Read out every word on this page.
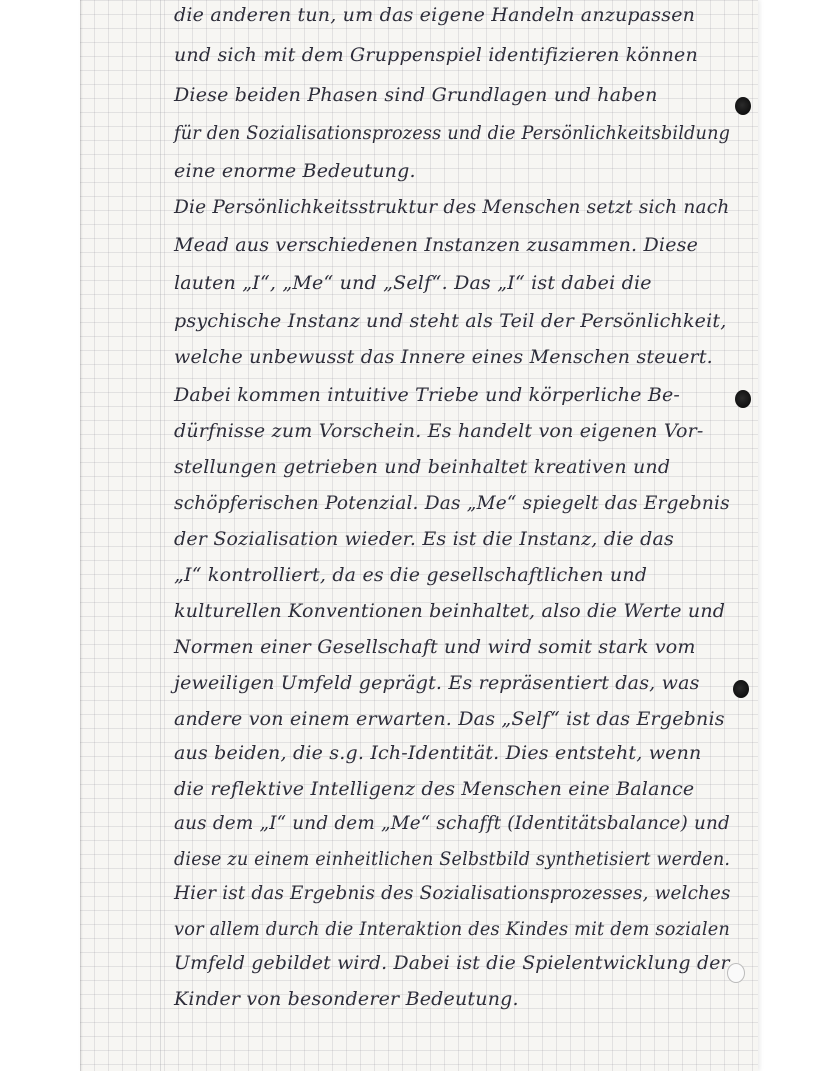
die anderen tun, um das eigene Handeln anzupassen
und sich mit dem Gruppenspiel identifizieren können
Diese beiden Phasen sind Grundlagen und haben
für den Sozialisationsprozess und die Persönlichkeitsbildung
eine enorme Bedeutung.
Die Persönlichkeitsstruktur des Menschen setzt sich nach
Mead aus verschiedenen Instanzen zusammen. Diese
lauten „I“, „Me“ und „Self“. Das „I“ ist dabei die
psychische Instanz und steht als Teil der Persönlichkeit,
welche unbewusst das Innere eines Menschen steuert.
Dabei kommen intuitive Triebe und körperliche Be-
dürfnisse zum Vorschein. Es handelt von eigenen Vor-
stellungen getrieben und beinhaltet kreativen und
schöpferischen Potenzial. Das „Me“ spiegelt das Ergebnis
der Sozialisation wieder. Es ist die Instanz, die das
„I“ kontrolliert, da es die gesellschaftlichen und
kulturellen Konventionen beinhaltet, also die Werte und
Normen einer Gesellschaft und wird somit stark vom
jeweiligen Umfeld geprägt. Es repräsentiert das, was
andere von einem erwarten. Das „Self“ ist das Ergebnis
aus beiden, die s.g. Ich-Identität. Dies entsteht, wenn
die reflektive Intelligenz des Menschen eine Balance
aus dem „I“ und dem „Me“ schafft (Identitätsbalance) und
diese zu einem einheitlichen Selbstbild synthetisiert werden.
Hier ist das Ergebnis des Sozialisationsprozesses, welches
vor allem durch die Interaktion des Kindes mit dem sozialen
Umfeld gebildet wird. Dabei ist die Spielentwicklung der
Kinder von besonderer Bedeutung.
